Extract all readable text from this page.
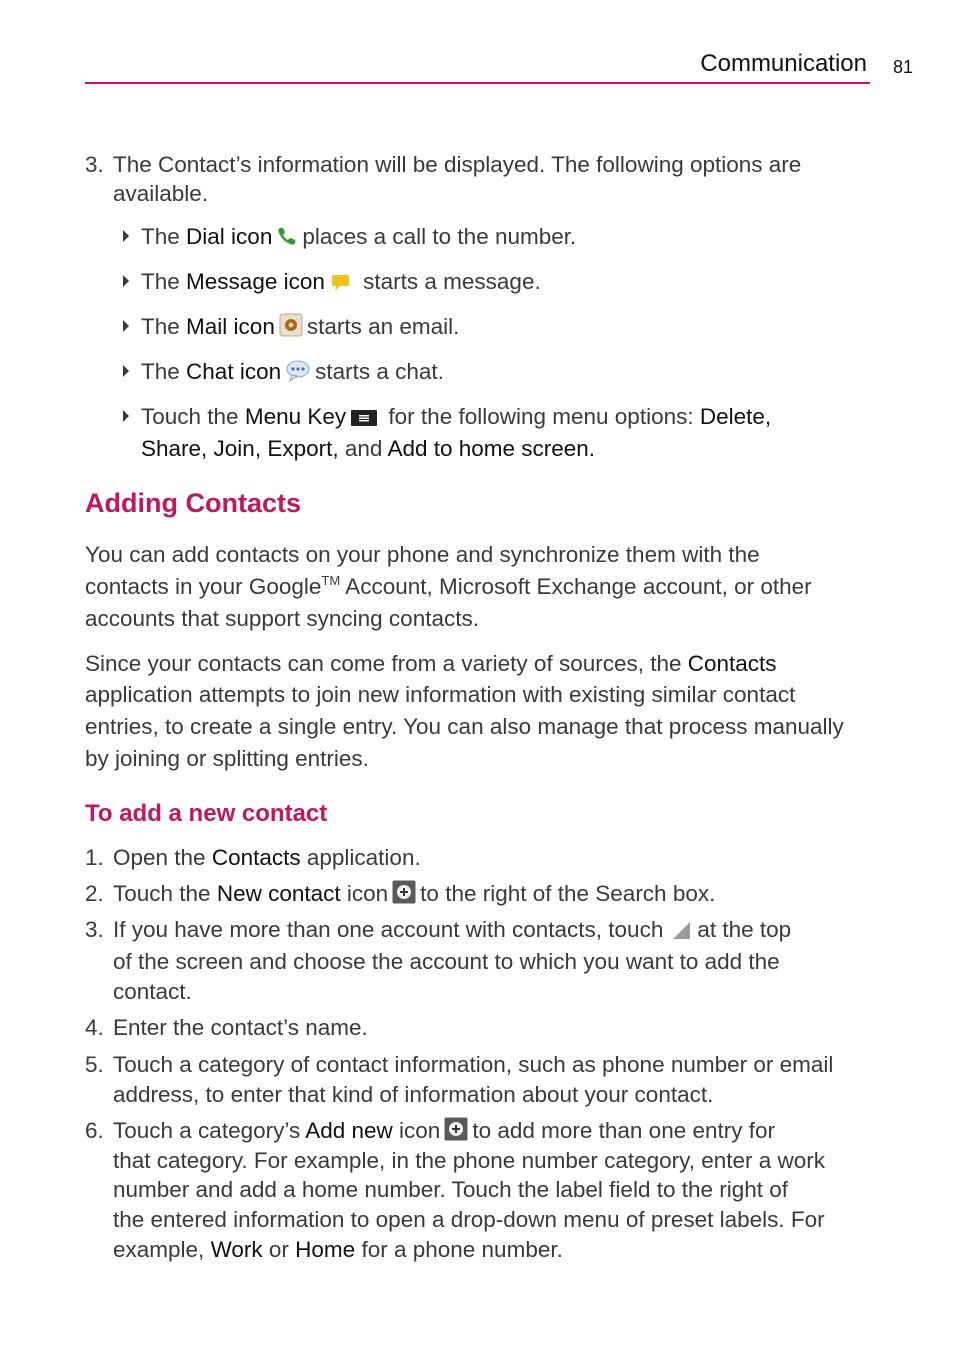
Communication 81
3. The Contact’s information will be displayed. The following options are

available.

The Dial icon places a call to the number.

The Message icon starts a message.

The Mail icon starts an email.

The Chat icon starts a chat.

Touch the Menu Key for the following menu options: Delete,

Share, Join, Export, and Add to home screen.

Adding Contacts

You can add contacts on your phone and synchronize them with the

contacts in your Google™ Account, Microsoft Exchange account, or other

accounts that support syncing contacts.

Since your contacts can come from a variety of sources, the Contacts

application attempts to join new information with existing similar contact

entries, to create a single entry. You can also manage that process manually

by joining or splitting entries.

To add a new contact
1. Open the Contacts application.

2. Touch the New contact icon to the right of the Search box.

3. If you have more than one account with contacts, touch at the top

of the screen and choose the account to which you want to add the

contact.

4. Enter the contact’s name.

5. Touch a category of contact information, such as phone number or email

address, to enter that kind of information about your contact.

6. Touch a category’s Add new icon to add more than one entry for

that category. For example, in the phone number category, enter a work

number and add a home number. Touch the label field to the right of

the entered information to open a drop-down menu of preset labels. For

example, Work or Home for a phone number.
